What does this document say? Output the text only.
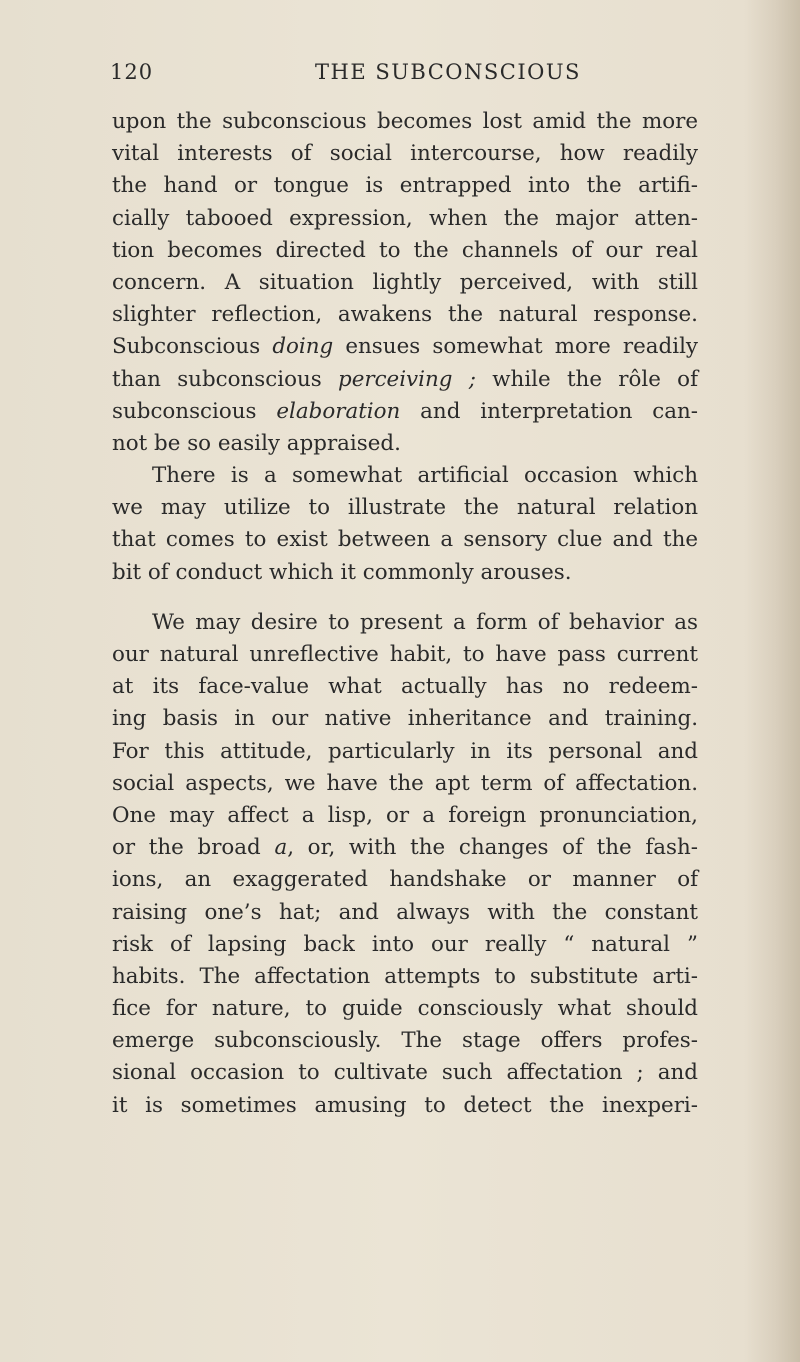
120	THE SUBCONSCIOUS
upon the subconscious becomes lost amid the more
vital interests of social intercourse, how readily
the hand or tongue is entrapped into the artifi-
cially tabooed expression, when the major atten-
tion becomes directed to the channels of our real
concern. A situation lightly perceived, with still
slighter reflection, awakens the natural response.
Subconscious doing ensues somewhat more readily
than subconscious perceiving ; while the rôle of
subconscious elaboration and interpretation can-
not be so easily appraised.
There is a somewhat artificial occasion which
we may utilize to illustrate the natural relation
that comes to exist between a sensory clue and the
bit of conduct which it commonly arouses.
We may desire to present a form of behavior as
our natural unreflective habit, to have pass current
at its face-value what actually has no redeem-
ing basis in our native inheritance and training.
For this attitude, particularly in its personal and
social aspects, we have the apt term of affectation.
One may affect a lisp, or a foreign pronunciation,
or the broad a, or, with the changes of the fash-
ions, an exaggerated handshake or manner of
raising one’s hat; and always with the constant
risk of lapsing back into our really “ natural ”
habits. The affectation attempts to substitute arti-
fice for nature, to guide consciously what should
emerge subconsciously. The stage offers profes-
sional occasion to cultivate such affectation ; and
it is sometimes amusing to detect the inexperi-
